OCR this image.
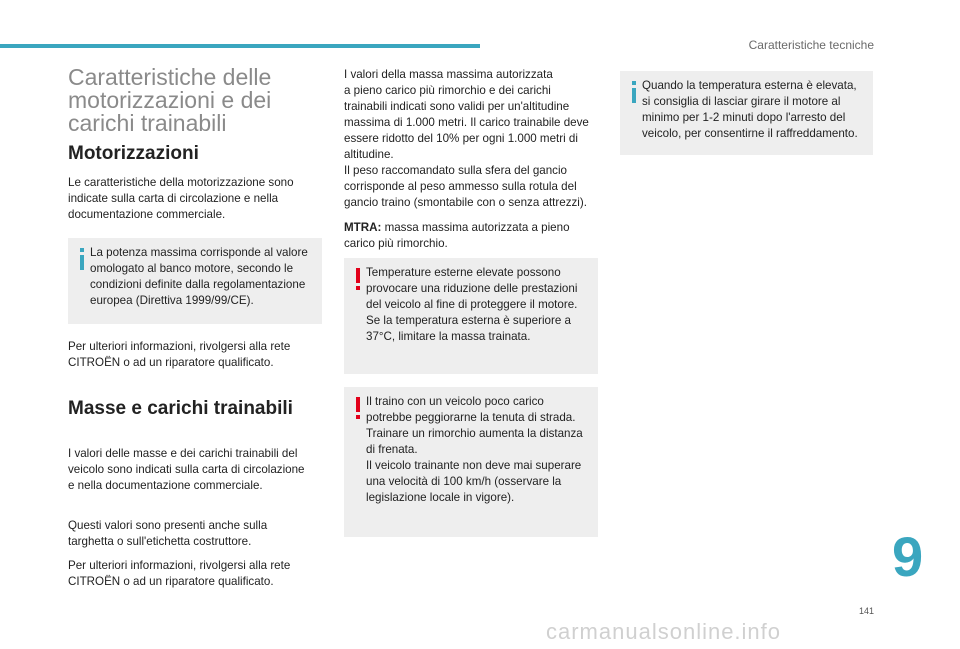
Caratteristiche tecniche
Caratteristiche delle motorizzazioni e dei carichi trainabili
Motorizzazioni
Le caratteristiche della motorizzazione sono
indicate sulla carta di circolazione e nella
documentazione commerciale.
La potenza massima corrisponde al valore
omologato al banco motore, secondo le
condizioni definite dalla regolamentazione
europea (Direttiva 1999/99/CE).
Per ulteriori informazioni, rivolgersi alla rete
CITROËN o ad un riparatore qualificato.
Masse e carichi trainabili
I valori delle masse e dei carichi trainabili del
veicolo sono indicati sulla carta di circolazione
e nella documentazione commerciale.
Questi valori sono presenti anche sulla
targhetta o sull'etichetta costruttore.
Per ulteriori informazioni, rivolgersi alla rete
CITROËN o ad un riparatore qualificato.
I valori della massa massima autorizzata
a pieno carico più rimorchio e dei carichi
trainabili indicati sono validi per un'altitudine
massima di 1.000 metri. Il carico trainabile deve
essere ridotto del 10% per ogni 1.000 metri di
altitudine.
Il peso raccomandato sulla sfera del gancio
corrisponde al peso ammesso sulla rotula del
gancio traino (smontabile con o senza attrezzi).
MTRA: massa massima autorizzata a pieno
carico più rimorchio.
Temperature esterne elevate possono
provocare una riduzione delle prestazioni
del veicolo al fine di proteggere il motore.
Se la temperatura esterna è superiore a
37°C, limitare la massa trainata.
Il traino con un veicolo poco carico
potrebbe peggiorarne la tenuta di strada.
Trainare un rimorchio aumenta la distanza
di frenata.
Il veicolo trainante non deve mai superare
una velocità di 100 km/h (osservare la
legislazione locale in vigore).
Quando la temperatura esterna è elevata,
si consiglia di lasciar girare il motore al
minimo per 1-2 minuti dopo l'arresto del
veicolo, per consentirne il raffreddamento.
9
141
carmanualsonline.info
